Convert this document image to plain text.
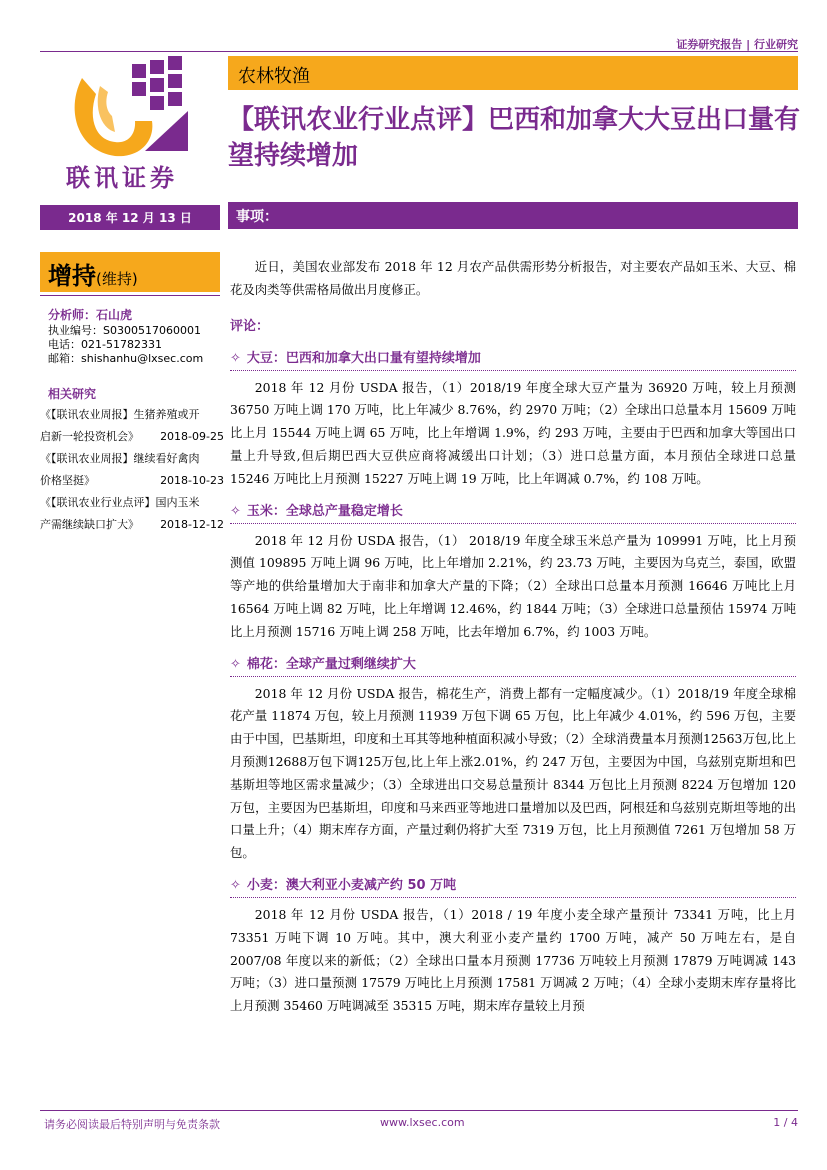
证券研究报告 | 行业研究
联讯证券
农林牧渔
【联讯农业行业点评】巴西和加拿大大豆出口量有望持续增加
2018 年 12 月 13 日	事项：
增持(维持)
分析师：石山虎
执业编号：S0300517060001
电话：021-51782331
邮箱：shishanhu@lxsec.com
相关研究
《【联讯农业周报】生猪养殖或开
启新一轮投资机会》 2018-09-25
《【联讯农业周报】继续看好禽肉
价格坚挺》	2018-10-23
《【联讯农业行业点评】国内玉米
产需继续缺口扩大》 2018-12-12

近日，美国农业部发布 2018 年 12 月农产品供需形势分析报告，对主要农产品如玉米、大豆、棉花及肉类等供需格局做出月度修正。

评论：
✧ 大豆：巴西和加拿大出口量有望持续增加

2018 年 12 月份 USDA 报告，（1）2018/19 年度全球大豆产量为 36920 万吨，较上月预测 36750 万吨上调 170 万吨，比上年减少 8.76%，约 2970 万吨；（2）全球出口总量本月 15609 万吨比上月 15544 万吨上调 65 万吨，比上年增调 1.9%，约 293 万吨，主要由于巴西和加拿大等国出口量上升导致,但后期巴西大豆供应商将减缓出口计划；（3）进口总量方面，本月预估全球进口总量 15246 万吨比上月预测 15227 万吨上调 19 万吨，比上年调减 0.7%，约 108 万吨。

✧ 玉米：全球总产量稳定增长

2018 年 12 月份 USDA 报告，（1） 2018/19 年度全球玉米总产量为 109991 万吨，比上月预测值 109895 万吨上调 96 万吨，比上年增加 2.21%，约 23.73 万吨，主要因为乌克兰，泰国，欧盟等产地的供给量增加大于南非和加拿大产量的下降；（2）全球出口总量本月预测 16646 万吨比上月 16564 万吨上调 82 万吨，比上年增调 12.46%，约 1844 万吨；（3）全球进口总量预估 15974 万吨比上月预测 15716 万吨上调 258 万吨，比去年增加 6.7%，约 1003 万吨。

✧ 棉花：全球产量过剩继续扩大

2018 年 12 月份 USDA 报告，棉花生产，消费上都有一定幅度减少。（1）2018/19 年度全球棉花产量 11874 万包，较上月预测 11939 万包下调 65 万包，比上年减少 4.01%，约 596 万包，主要由于中国，巴基斯坦，印度和土耳其等地种植面积减小导致；（2）全球消费量本月预测12563万包,比上月预测12688万包下调125万包,比上年上涨2.01%，约 247 万包，主要因为中国，乌兹别克斯坦和巴基斯坦等地区需求量减少；（3）全球进出口交易总量预计 8344 万包比上月预测 8224 万包增加 120 万包，主要因为巴基斯坦，印度和马来西亚等地进口量增加以及巴西，阿根廷和乌兹别克斯坦等地的出口量上升；（4）期末库存方面，产量过剩仍将扩大至 7319 万包，比上月预测值 7261 万包增加 58 万包。

✧ 小麦：澳大利亚小麦减产约 50 万吨

2018 年 12 月份 USDA 报告，（1）2018 / 19 年度小麦全球产量预计 73341 万吨，比上月 73351 万吨下调 10 万吨。其中，澳大利亚小麦产量约 1700 万吨，减产 50 万吨左右，是自 2007/08 年度以来的新低；（2）全球出口量本月预测 17736 万吨较上月预测 17879 万吨调减 143 万吨；（3）进口量预测 17579 万吨比上月预测 17581 万调减 2 万吨；（4）全球小麦期末库存量将比上月预测 35460 万吨调减至 35315 万吨，期末库存量较上月预

请务必阅读最后特别声明与免责条款	www.lxsec.com	1 / 4
